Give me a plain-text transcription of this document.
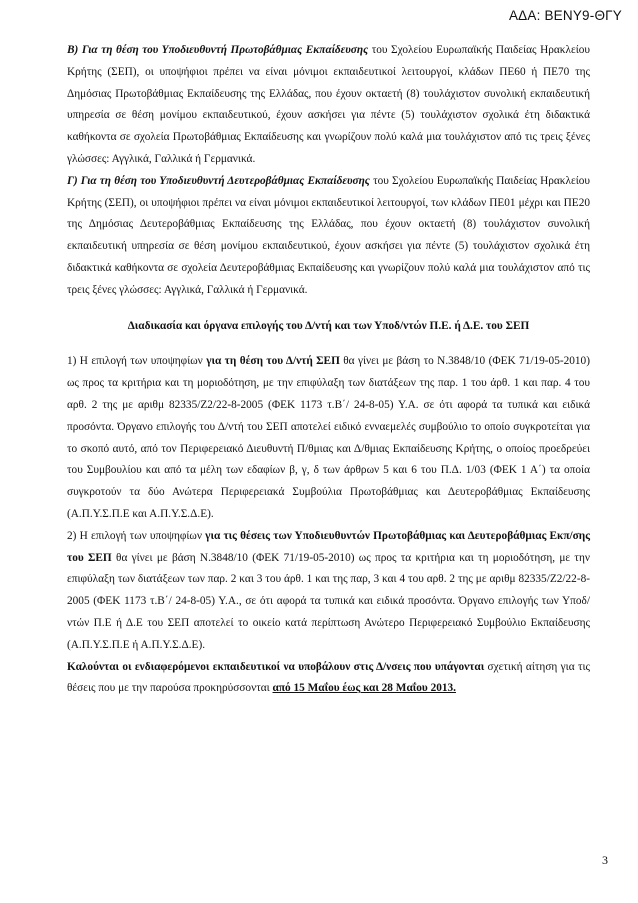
ΑΔΑ: ΒΕΝΥ9-ΘΓΥ

Β) Για τη θέση του Υποδιευθυντή Πρωτοβάθμιας Εκπαίδευσης του Σχολείου Ευρωπαϊκής Παιδείας Ηρακλείου Κρήτης (ΣΕΠ), οι υποψήφιοι πρέπει να είναι μόνιμοι εκπαιδευτικοί λειτουργοί, κλάδων ΠΕ60 ή ΠΕ70 της Δημόσιας Πρωτοβάθμιας Εκπαίδευσης της Ελλάδας, που έχουν οκταετή (8) τουλάχιστον συνολική εκπαιδευτική υπηρεσία σε θέση μονίμου εκπαιδευτικού, έχουν ασκήσει για πέντε (5) τουλάχιστον σχολικά έτη διδακτικά καθήκοντα σε σχολεία Πρωτοβάθμιας Εκπαίδευσης και γνωρίζουν πολύ καλά μια τουλάχιστον από τις τρεις ξένες γλώσσες: Αγγλικά, Γαλλικά ή Γερμανικά.

Γ) Για τη θέση του Υποδιευθυντή Δευτεροβάθμιας Εκπαίδευσης του Σχολείου Ευρωπαϊκής Παιδείας Ηρακλείου Κρήτης (ΣΕΠ), οι υποψήφιοι πρέπει να είναι μόνιμοι εκπαιδευτικοί λειτουργοί, των κλάδων ΠΕ01 μέχρι και ΠΕ20 της Δημόσιας Δευτεροβάθμιας Εκπαίδευσης της Ελλάδας, που έχουν οκταετή (8) τουλάχιστον συνολική εκπαιδευτική υπηρεσία σε θέση μονίμου εκπαιδευτικού, έχουν ασκήσει για πέντε (5) τουλάχιστον σχολικά έτη διδακτικά καθήκοντα σε σχολεία Δευτεροβάθμιας Εκπαίδευσης και γνωρίζουν πολύ καλά μια τουλάχιστον από τις τρεις ξένες γλώσσες: Αγγλικά, Γαλλικά ή Γερμανικά.

Διαδικασία και όργανα επιλογής του Δ/ντή και των Υποδ/ντών Π.Ε. ή Δ.Ε. του ΣΕΠ

1) Η επιλογή των υποψηφίων για τη θέση του Δ/ντή ΣΕΠ θα γίνει με βάση το Ν.3848/10 (ΦΕΚ 71/19-05-2010) ως προς τα κριτήρια και τη μοριοδότηση, με την επιφύλαξη των διατάξεων της παρ. 1 του άρθ. 1 και παρ. 4 του αρθ. 2 της με αριθμ 82335/Ζ2/22-8-2005 (ΦΕΚ 1173 τ.Β΄/ 24-8-05) Υ.Α. σε ότι αφορά τα τυπικά και ειδικά προσόντα. Όργανο επιλογής του Δ/ντή του ΣΕΠ αποτελεί ειδικό ενναεμελές συμβούλιο το οποίο συγκροτείται για το σκοπό αυτό, από τον Περιφερειακό Διευθυντή Π/θμιας και Δ/θμιας Εκπαίδευσης Κρήτης, ο οποίος προεδρεύει του Συμβουλίου και από τα μέλη των εδαφίων β, γ, δ των άρθρων 5 και 6 του Π.Δ. 1/03 (ΦΕΚ 1 Α΄) τα οποία συγκροτούν τα δύο Ανώτερα Περιφερειακά Συμβούλια Πρωτοβάθμιας και Δευτεροβάθμιας Εκπαίδευσης (Α.Π.Υ.Σ.Π.Ε και Α.Π.Υ.Σ.Δ.Ε).

2) Η επιλογή των υποψηφίων για τις θέσεις των Υποδιευθυντών Πρωτοβάθμιας και Δευτεροβάθμιας Εκπ/σης του ΣΕΠ θα γίνει με βάση Ν.3848/10 (ΦΕΚ 71/19-05-2010) ως προς τα κριτήρια και τη μοριοδότηση, με την επιφύλαξη των διατάξεων των παρ. 2 και 3 του άρθ. 1 και της παρ, 3 και 4 του αρθ. 2 της με αριθμ 82335/Ζ2/22-8-2005 (ΦΕΚ 1173 τ.Β΄/ 24-8-05) Υ.Α., σε ότι αφορά τα τυπικά και ειδικά προσόντα. Όργανο επιλογής των Υποδ/ντών Π.Ε ή Δ.Ε του ΣΕΠ αποτελεί το οικείο κατά περίπτωση Ανώτερο Περιφερειακό Συμβούλιο Εκπαίδευσης (Α.Π.Υ.Σ.Π.Ε ή Α.Π.Υ.Σ.Δ.Ε).

Καλούνται οι ενδιαφερόμενοι εκπαιδευτικοί να υποβάλουν στις Δ/νσεις που υπάγονται σχετική αίτηση για τις θέσεις που με την παρούσα προκηρύσσονται από 15 Μαΐου έως και 28 Μαΐου 2013.

3
